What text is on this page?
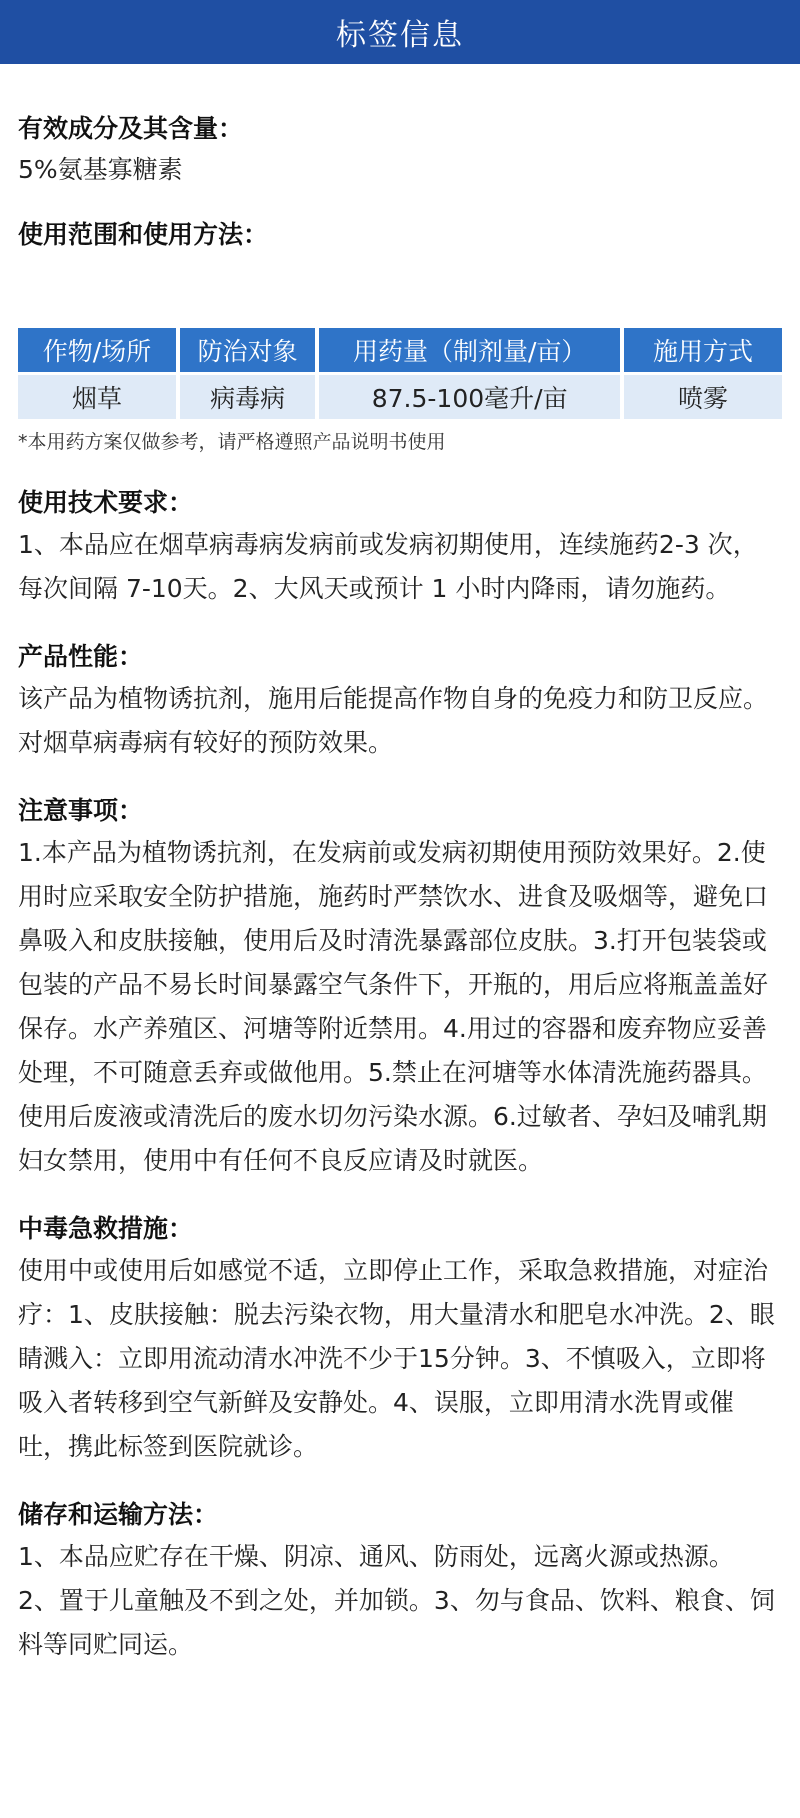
标签信息
有效成分及其含量：
5%氨基寡糖素
使用范围和使用方法：
作物/场所	防治对象	用药量（制剂量/亩）	施用方式
烟草	病毒病	87.5-100毫升/亩	喷雾
*本用药方案仅做参考，请严格遵照产品说明书使用
使用技术要求：
1、本品应在烟草病毒病发病前或发病初期使用，连续施药2-3 次，每次间隔 7-10天。2、大风天或预计 1 小时内降雨，请勿施药。
产品性能：
该产品为植物诱抗剂，施用后能提高作物自身的免疫力和防卫反应。对烟草病毒病有较好的预防效果。
注意事项：
1.本产品为植物诱抗剂，在发病前或发病初期使用预防效果好。2.使用时应采取安全防护措施，施药时严禁饮水、进食及吸烟等，避免口鼻吸入和皮肤接触，使用后及时清洗暴露部位皮肤。3.打开包装袋或包装的产品不易长时间暴露空气条件下，开瓶的，用后应将瓶盖盖好保存。水产养殖区、河塘等附近禁用。4.用过的容器和废弃物应妥善处理，不可随意丢弃或做他用。5.禁止在河塘等水体清洗施药器具。使用后废液或清洗后的废水切勿污染水源。6.过敏者、孕妇及哺乳期妇女禁用，使用中有任何不良反应请及时就医。
中毒急救措施：
使用中或使用后如感觉不适，立即停止工作，采取急救措施，对症治疗：1、皮肤接触：脱去污染衣物，用大量清水和肥皂水冲洗。2、眼睛溅入：立即用流动清水冲洗不少于15分钟。3、不慎吸入，立即将吸入者转移到空气新鲜及安静处。4、误服，立即用清水洗胃或催吐，携此标签到医院就诊。
储存和运输方法：
1、本品应贮存在干燥、阴凉、通风、防雨处，远离火源或热源。 2、置于儿童触及不到之处，并加锁。3、勿与食品、饮料、粮食、饲料等同贮同运。
